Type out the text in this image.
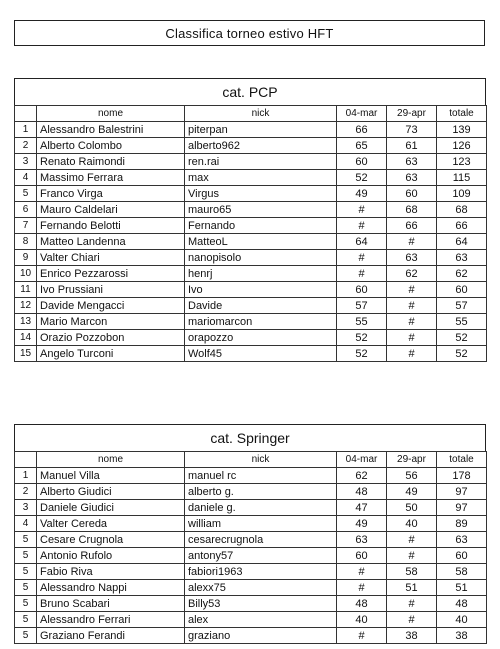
Classifica torneo estivo HFT
cat. PCP
	nome	nick	04-mar	29-apr	totale
1	Alessandro Balestrini	piterpan	66	73	139
2	Alberto Colombo	alberto962	65	61	126
3	Renato Raimondi	ren.rai	60	63	123
4	Massimo Ferrara	max	52	63	115
5	Franco Virga	Virgus	49	60	109
6	Mauro Caldelari	mauro65	#	68	68
7	Fernando Belotti	Fernando	#	66	66
8	Matteo Landenna	MatteoL	64	#	64
9	Valter Chiari	nanopisolo	#	63	63
10	Enrico Pezzarossi	henrj	#	62	62
11	Ivo Prussiani	Ivo	60	#	60
12	Davide Mengacci	Davide	57	#	57
13	Mario Marcon	mariomarcon	55	#	55
14	Orazio Pozzobon	orapozzo	52	#	52
15	Angelo Turconi	Wolf45	52	#	52
cat. Springer
	nome	nick	04-mar	29-apr	totale
1	Manuel Villa	manuel rc	62	56	178
2	Alberto Giudici	alberto g.	48	49	97
3	Daniele Giudici	daniele g.	47	50	97
4	Valter Cereda	william	49	40	89
5	Cesare Crugnola	cesarecrugnola	63	#	63
5	Antonio Rufolo	antony57	60	#	60
5	Fabio Riva	fabiori1963	#	58	58
5	Alessandro Nappi	alexx75	#	51	51
5	Bruno Scabari	Billy53	48	#	48
5	Alessandro Ferrari	alex	40	#	40
5	Graziano Ferandi	graziano	#	38	38
